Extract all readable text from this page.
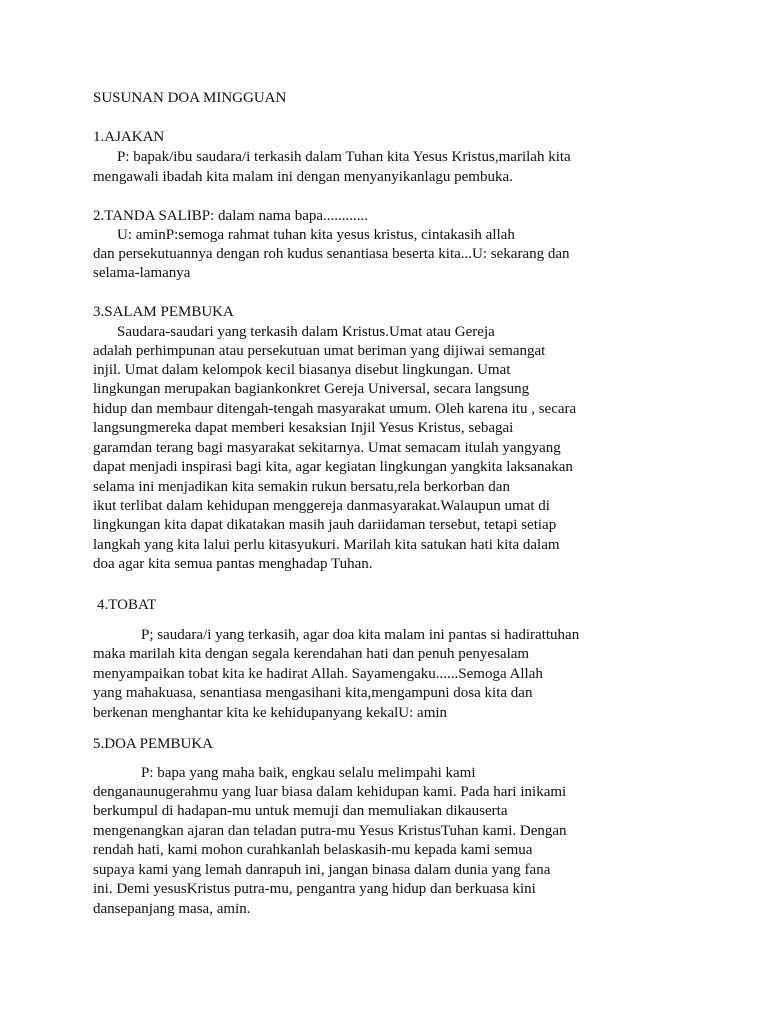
SUSUNAN DOA MINGGUAN
1.AJAKAN
P: bapak/ibu saudara/i terkasih dalam Tuhan kita Yesus Kristus,marilah kita
mengawali ibadah kita malam ini dengan menyanyikanlagu pembuka.
2.TANDA SALIBP: dalam nama bapa............
U: aminP:semoga rahmat tuhan kita yesus kristus, cintakasih allah
dan persekutuannya dengan roh kudus senantiasa beserta kita...U: sekarang dan
selama-lamanya
3.SALAM PEMBUKA
Saudara-saudari yang terkasih dalam Kristus.Umat atau Gereja
adalah perhimpunan atau persekutuan umat beriman yang dijiwai semangat
injil. Umat dalam kelompok kecil biasanya disebut lingkungan. Umat
lingkungan merupakan bagiankonkret Gereja Universal, secara langsung
hidup dan membaur ditengah-tengah masyarakat umum. Oleh karena itu , secara
langsungmereka dapat memberi kesaksian Injil Yesus Kristus, sebagai
garamdan terang bagi masyarakat sekitarnya. Umat semacam itulah yangyang
dapat menjadi inspirasi bagi kita, agar kegiatan lingkungan yangkita laksanakan
selama ini menjadikan kita semakin rukun bersatu,rela berkorban dan
ikut terlibat dalam kehidupan menggereja danmasyarakat.Walaupun umat di
lingkungan kita dapat dikatakan masih jauh dariidaman tersebut, tetapi setiap
langkah yang kita lalui perlu kitasyukuri. Marilah kita satukan hati kita dalam
doa agar kita semua pantas menghadap Tuhan.
4.TOBAT
P; saudara/i yang terkasih, agar doa kita malam ini pantas si hadirattuhan
maka marilah kita dengan segala kerendahan hati dan penuh penyesalam
menyampaikan tobat kita ke hadirat Allah. Sayamengaku......Semoga Allah
yang mahakuasa, senantiasa mengasihani kita,mengampuni dosa kita dan
berkenan menghantar kita ke kehidupanyang kekalU: amin
5.DOA PEMBUKA
P: bapa yang maha baik, engkau selalu melimpahi kami
denganaunugerahmu yang luar biasa dalam kehidupan kami. Pada hari inikami
berkumpul di hadapan-mu untuk memuji dan memuliakan dikauserta
mengenangkan ajaran dan teladan putra-mu Yesus KristusTuhan kami. Dengan
rendah hati, kami mohon curahkanlah belaskasih-mu kepada kami semua
supaya kami yang lemah danrapuh ini, jangan binasa dalam dunia yang fana
ini. Demi yesusKristus putra-mu, pengantra yang hidup dan berkuasa kini
dansepanjang masa, amin.
